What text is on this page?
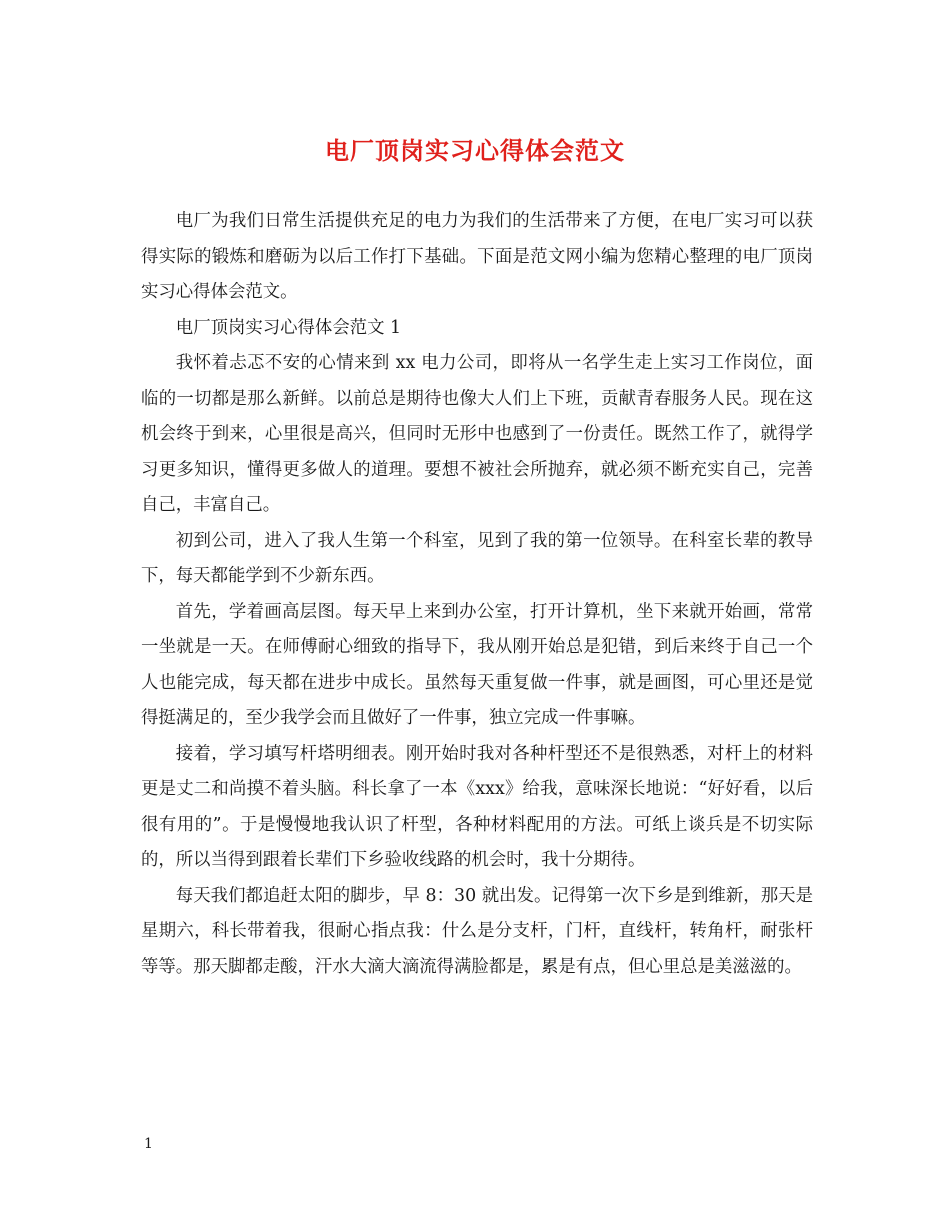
电厂顶岗实习心得体会范文

电厂为我们日常生活提供充足的电力为我们的生活带来了方便，在电厂实习可以获得实际的锻炼和磨砺为以后工作打下基础。下面是范文网小编为您精心整理的电厂顶岗实习心得体会范文。

电厂顶岗实习心得体会范文 1

我怀着忐忑不安的心情来到 xx 电力公司，即将从一名学生走上实习工作岗位，面临的一切都是那么新鲜。以前总是期待也像大人们上下班，贡献青春服务人民。现在这机会终于到来，心里很是高兴，但同时无形中也感到了一份责任。既然工作了，就得学习更多知识，懂得更多做人的道理。要想不被社会所抛弃，就必须不断充实自己，完善自己，丰富自己。

初到公司，进入了我人生第一个科室，见到了我的第一位领导。在科室长辈的教导下，每天都能学到不少新东西。

首先，学着画高层图。每天早上来到办公室，打开计算机，坐下来就开始画，常常一坐就是一天。在师傅耐心细致的指导下，我从刚开始总是犯错，到后来终于自己一个人也能完成，每天都在进步中成长。虽然每天重复做一件事，就是画图，可心里还是觉得挺满足的，至少我学会而且做好了一件事，独立完成一件事嘛。

接着，学习填写杆塔明细表。刚开始时我对各种杆型还不是很熟悉，对杆上的材料更是丈二和尚摸不着头脑。科长拿了一本《xxx》给我，意味深长地说：“好好看，以后很有用的”。于是慢慢地我认识了杆型，各种材料配用的方法。可纸上谈兵是不切实际的，所以当得到跟着长辈们下乡验收线路的机会时，我十分期待。

每天我们都追赶太阳的脚步，早 8：30 就出发。记得第一次下乡是到维新，那天是星期六，科长带着我，很耐心指点我：什么是分支杆，门杆，直线杆，转角杆，耐张杆等等。那天脚都走酸，汗水大滴大滴流得满脸都是，累是有点，但心里总是美滋滋的。

1
